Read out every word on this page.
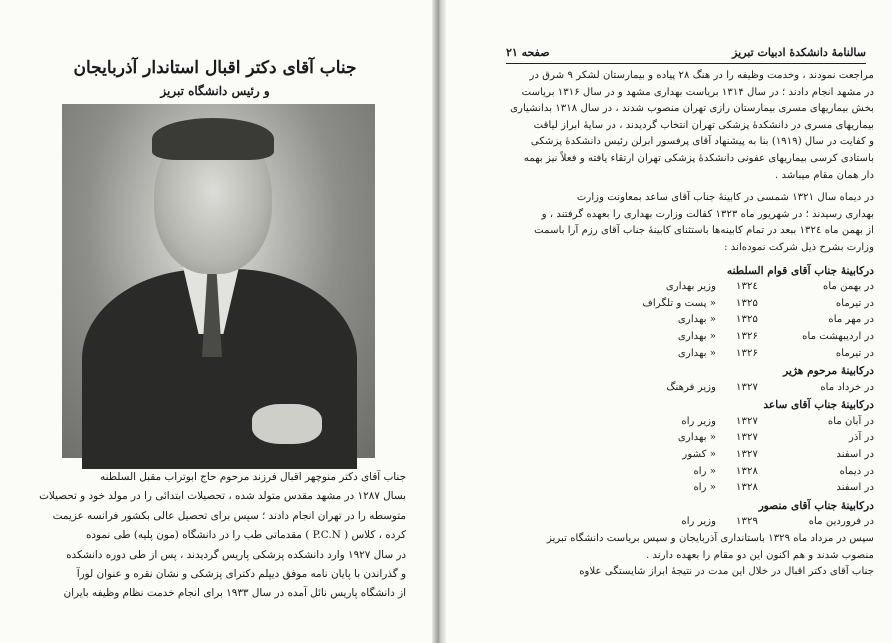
جناب آقای دکتر اقبال استاندار آذربایجان
و رئیس دانشگاه تبریز
جناب آقای دکتر منوچهر اقبال فرزند مرحوم حاج ابوتراب مقبل السلطنه
بسال ۱۲۸۷ در مشهد مقدس متولد شده ، تحصیلات ابتدائی را در مولد خود و تحصیلات
متوسطه را در تهران انجام دادند ؛ سپس برای تحصیل عالی بکشور فرانسه عزیمت
کرده ، کلاس ( P.C.N ) مقدماتی طب را در دانشگاه (مون پلیه) طی نموده
در سال ۱۹۲۷ وارد دانشکده پزشکی پاریس گردیدند ، پس از طی دوره دانشکده
و گذراندن با پایان نامه موفق دیپلم دکترای پزشکی و نشان نقره و عنوان لورآ
از دانشگاه پاریس نائل آمده در سال ۱۹۳۳ برای انجام خدمت نظام وظیفه بایران
سالنامهٔ دانشکدهٔ ادبیات تبریز
صفحه ۲۱
مراجعت نمودند ، وخدمت وظیفه را در هنگ ۲۸ پیاده و بیمارستان لشکر ۹ شرق در
در مشهد انجام دادند ؛ در سال ۱۳۱۴ بریاست بهداری مشهد و در سال ۱۳۱۶ بریاست
بخش بیماریهای مسری بیمارستان رازی تهران منصوب شدند ، در سال ۱۳۱۸ بدانشیاری
بیماریهای مسری در دانشکدهٔ پزشکی تهران انتخاب گردیدند ، در سایهٔ ابراز لیاقت
و کفایت در سال (۱۹۱۹) بنا به پیشنهاد آقای پرفسور ابرلن رئیس دانشکدهٔ پزشکی
باستادی کرسی بیماریهای عفونی دانشکدهٔ پزشکی تهران ارتقاء یافته و فعلاً نیز بهمه
دار همان مقام میباشد .
در دیماه سال ۱۳۲۱ شمسی در کابینهٔ جناب آقای ساعد بمعاونت وزارت
بهداری رسیدند ؛ در شهریور ماه ۱۳۲۳ کفالت وزارت بهداری را بعهده گرفتند ، و
از بهمن ماه ۱۳۲٤ ببعد در تمام کابینه‌ها باستثنای کابینهٔ جناب آقای رزم آرا باسمت
وزارت بشرح ذیل شرکت نموده‌اند :
درکابینهٔ جناب آقای قوام السلطنه
در بهمن ماه
۱۳۲٤
وزیر بهداری
در تیرماه
۱۳۲۵
« پست و تلگراف
در مهر ماه
۱۳۲۵
« بهداری
در اردیبهشت ماه
۱۳۲۶
« بهداری
در تیرماه
۱۳۲۶
« بهداری
درکابینهٔ مرحوم هژیر
در خرداد ماه
۱۳۲۷
وزیر فرهنگ
درکابینهٔ جناب آقای ساعد
در آبان ماه
۱۳۲۷
وزیر راه
در آذر
۱۳۲۷
« بهداری
در اسفند
۱۳۲۷
« کشور
در دیماه
۱۳۲۸
« راه
در اسفند
۱۳۲۸
« راه
درکابینهٔ جناب آقای منصور
در فروردین ماه
۱۳۲۹
وزیر راه
سپس در مرداد ماه ۱۳۲۹ باستانداری آذربایجان و سپس بریاست دانشگاه تبریز
منصوب شدند و هم اکنون این دو مقام را بعهده دارند .
جناب آقای دکتر اقبال در خلال این مدت در نتیجهٔ ابراز شایستگی علاوه
